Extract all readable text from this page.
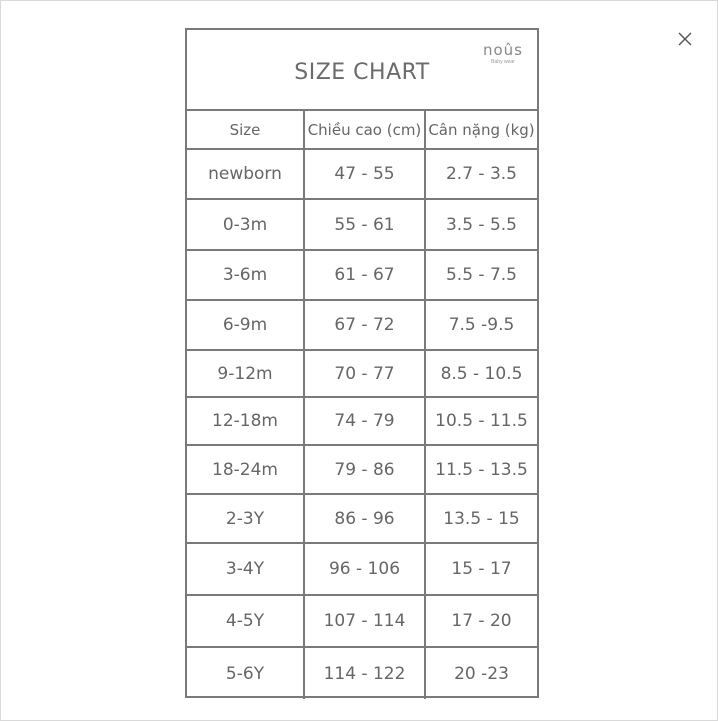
SIZE CHART
noûs
Baby wear
Size	Chiều cao (cm)	Cân nặng (kg)
newborn	47 - 55	2.7 - 3.5
0-3m	55 - 61	3.5 - 5.5
3-6m	61 - 67	5.5 - 7.5
6-9m	67 - 72	7.5 -9.5
9-12m	70 - 77	8.5 - 10.5
12-18m	74 - 79	10.5 - 11.5
18-24m	79 - 86	11.5 - 13.5
2-3Y	86 - 96	13.5 - 15
3-4Y	96 - 106	15 - 17
4-5Y	107 - 114	17 - 20
5-6Y	114 - 122	20 -23
